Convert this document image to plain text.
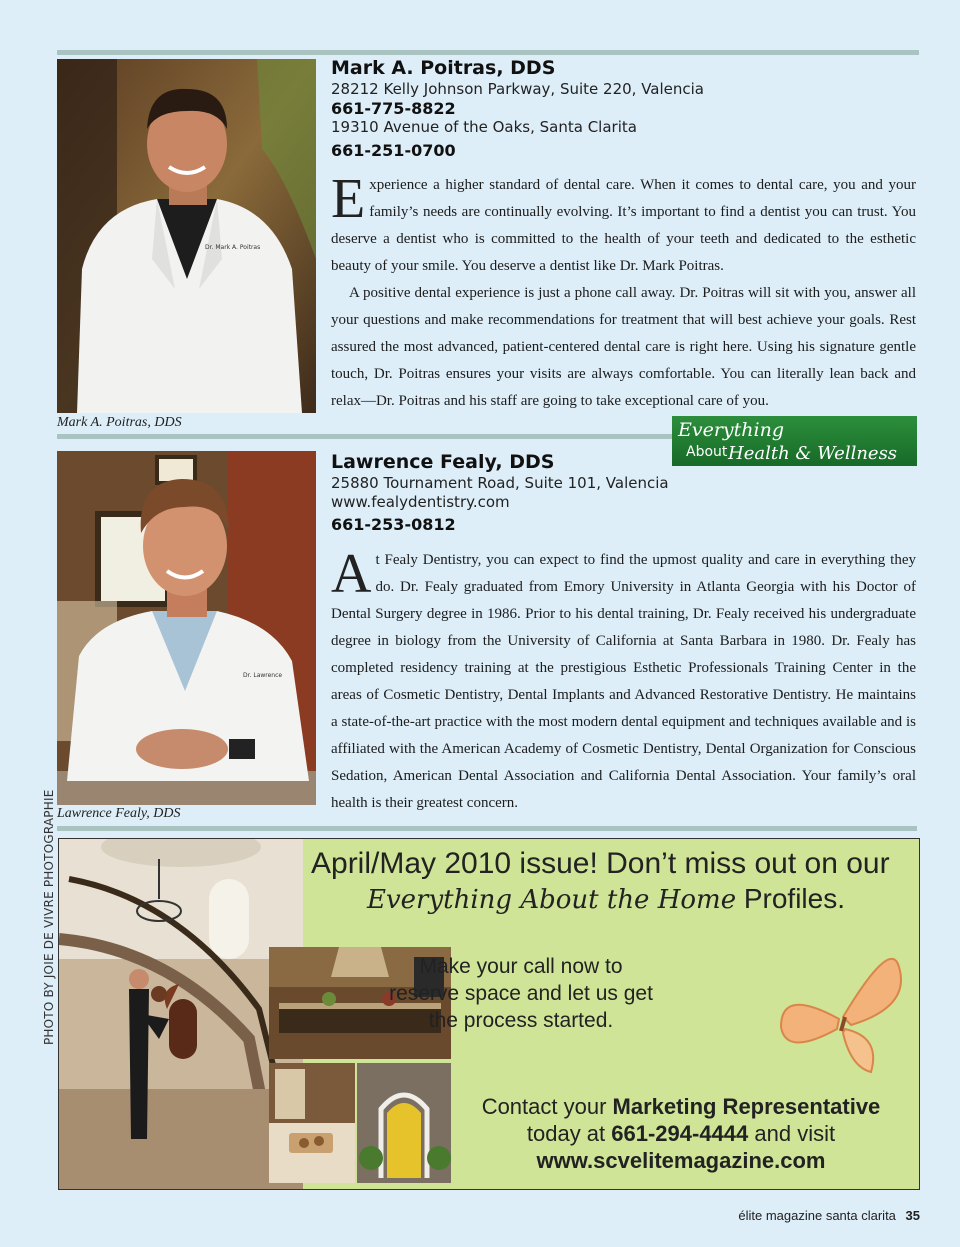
Dr. Mark A. Poitras
Mark A. Poitras, DDS
Mark A. Poitras, DDS
28212 Kelly Johnson Parkway, Suite 220, Valencia
661-775-8822
19310 Avenue of the Oaks, Santa Clarita
661-251-0700

Experience a higher standard of dental care. When it comes to dental care, you and your family’s needs are continually evolving. It’s important to find a dentist you can trust. You deserve a dentist who is committed to the health of your teeth and dedicated to the esthetic beauty of your smile. You deserve a dentist like Dr. Mark Poitras.

A positive dental experience is just a phone call away. Dr. Poitras will sit with you, answer all your questions and make recommendations for treatment that will best achieve your goals. Rest assured the most advanced, patient-centered dental care is right here. Using his signature gentle touch, Dr. Poitras ensures your visits are always comfortable. You can literally lean back and relax—Dr. Poitras and his staff are going to take exceptional care of you.

Everything
About Health & Wellness
Dr. Lawrence
Lawrence Fealy, DDS
PHOTO BY JOIE DE VIVRE PHOTOGRAPHIE
Lawrence Fealy, DDS
25880 Tournament Road, Suite 101, Valencia
www.fealydentistry.com
661-253-0812

At Fealy Dentistry, you can expect to find the upmost quality and care in everything they do. Dr. Fealy graduated from Emory University in Atlanta Georgia with his Doctor of Dental Surgery degree in 1986. Prior to his dental training, Dr. Fealy received his undergraduate degree in biology from the University of California at Santa Barbara in 1980. Dr. Fealy has completed residency training at the prestigious Esthetic Professionals Training Center in the areas of Cosmetic Dentistry, Dental Implants and Advanced Restorative Dentistry. He maintains a state-of-the-art practice with the most modern dental equipment and techniques available and is affiliated with the American Academy of Cosmetic Dentistry, Dental Organization for Conscious Sedation, American Dental Association and California Dental Association. Your family’s oral health is their greatest concern.

April/May 2010 issue! Don’t miss out on our
Everything About the Home Profiles.
Make your call now to
reserve space and let us get
the process started.
Contact your Marketing Representative
today at 661-294-4444 and visit
www.scvelitemagazine.com
élite magazine santa clarita 35
